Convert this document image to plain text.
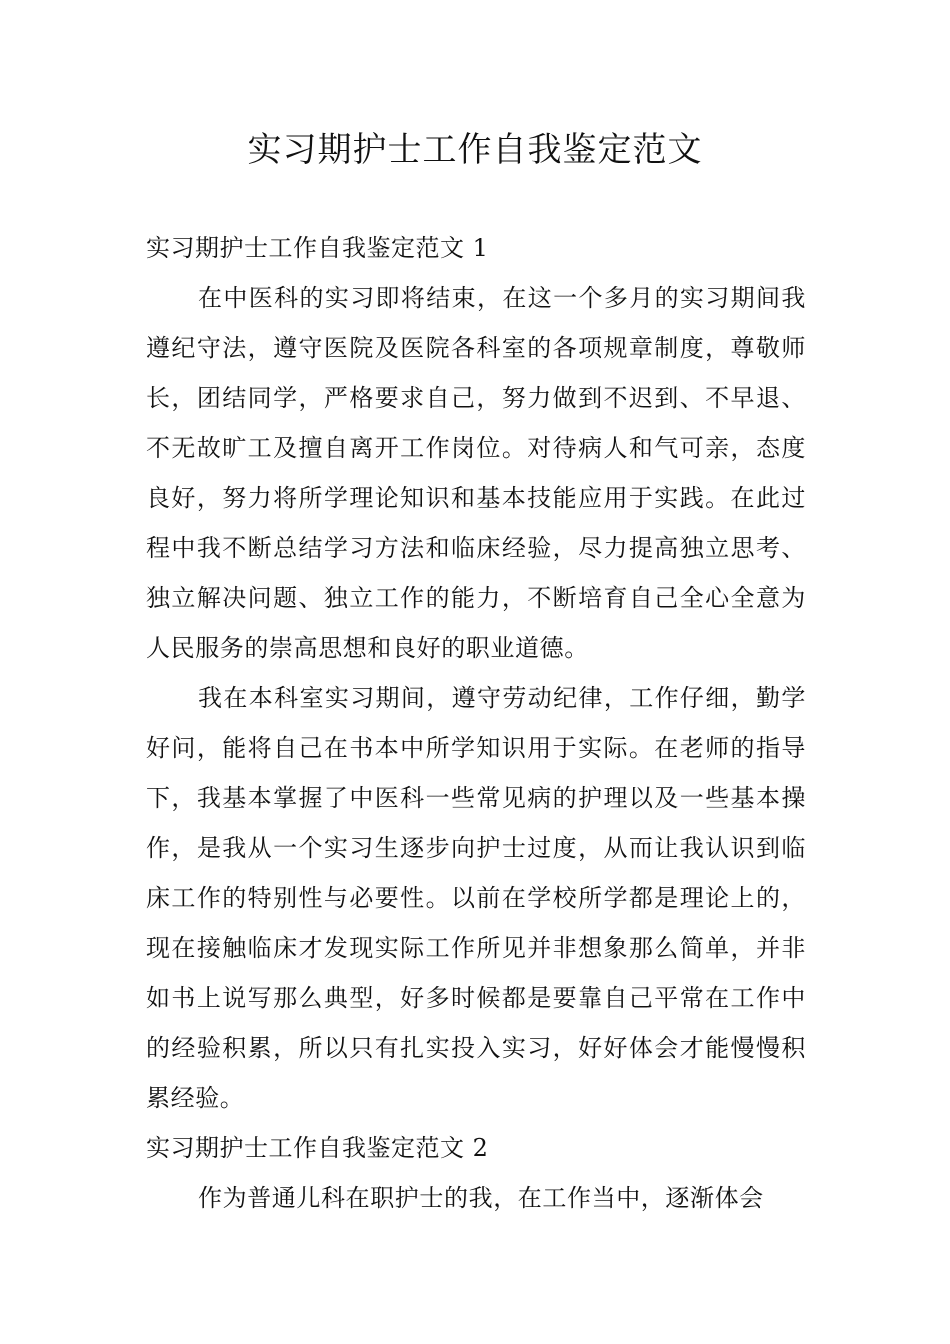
实习期护士工作自我鉴定范文

实习期护士工作自我鉴定范文 1

在中医科的实习即将结束，在这一个多月的实习期间我遵纪守法，遵守医院及医院各科室的各项规章制度，尊敬师长，团结同学，严格要求自己，努力做到不迟到、不早退、不无故旷工及擅自离开工作岗位。对待病人和气可亲，态度良好，努力将所学理论知识和基本技能应用于实践。在此过程中我不断总结学习方法和临床经验，尽力提高独立思考、独立解决问题、独立工作的能力，不断培育自己全心全意为人民服务的崇高思想和良好的职业道德。

我在本科室实习期间，遵守劳动纪律，工作仔细，勤学好问，能将自己在书本中所学知识用于实际。在老师的指导下，我基本掌握了中医科一些常见病的护理以及一些基本操作，是我从一个实习生逐步向护士过度，从而让我认识到临床工作的特别性与必要性。以前在学校所学都是理论上的，现在接触临床才发现实际工作所见并非想象那么简单，并非如书上说写那么典型，好多时候都是要靠自己平常在工作中的经验积累，所以只有扎实投入实习，好好体会才能慢慢积累经验。

实习期护士工作自我鉴定范文 2

作为普通儿科在职护士的我，在工作当中，逐渐体会
